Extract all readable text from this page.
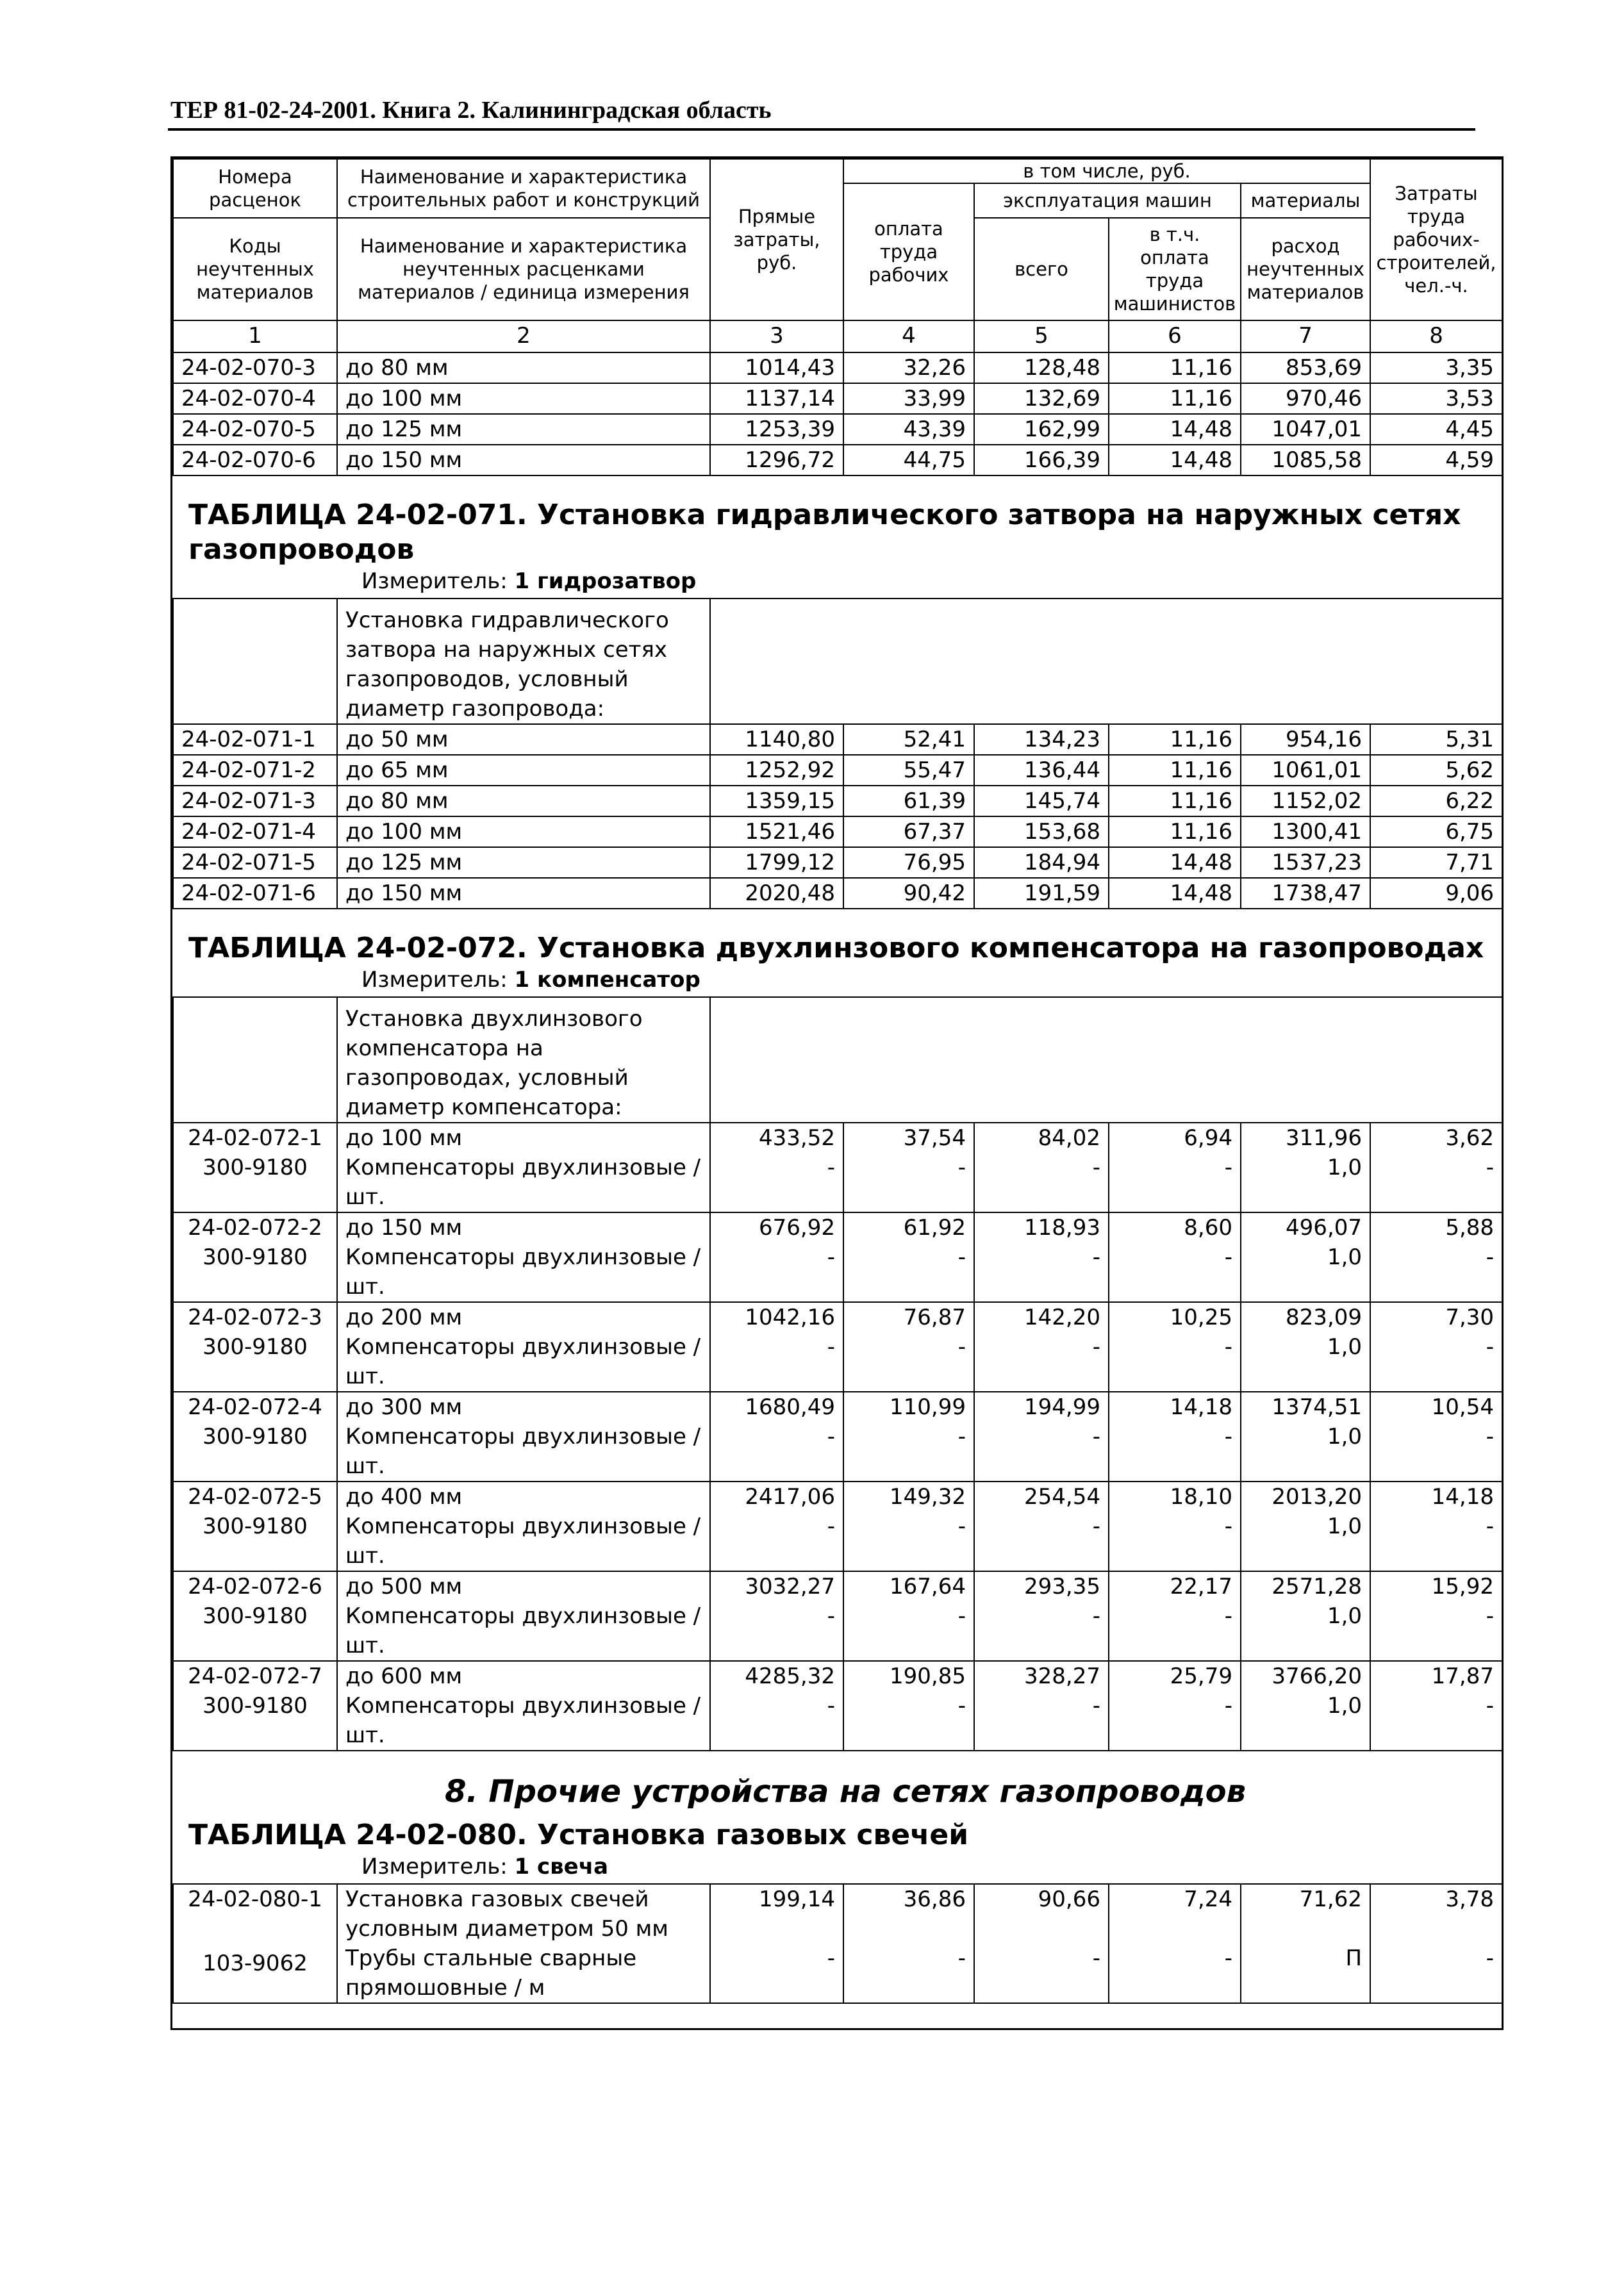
ТЕР 81-02-24-2001. Книга 2. Калининградская область
Номера расценок	Наименование и характеристика строительных работ и конструкций	Прямые затраты, руб.	в том числе, руб.				Затраты труда рабочих-строителей, чел.-ч.
			оплата труда рабочих	эксплуатация машин		материалы	
Коды неучтенных материалов	Наименование и характеристика неучтенных расценками материалов / единица измерения			всего	в т.ч. оплата труда машинистов	расход неучтенных материалов	

1	2	3	4	5	6	7	8
24-02-070-3	до 80 мм	1014,43	32,26	128,48	11,16	853,69	3,35
24-02-070-4	до 100 мм	1137,14	33,99	132,69	11,16	970,46	3,53
24-02-070-5	до 125 мм	1253,39	43,39	162,99	14,48	1047,01	4,45
24-02-070-6	до 150 мм	1296,72	44,75	166,39	14,48	1085,58	4,59

ТАБЛИЦА 24-02-071. Установка гидравлического затвора на наружных сетях
газопроводов
Измеритель: 1 гидрозатвор							

	Установка гидравлического затвора на наружных сетях газопроводов, условный диаметр газопровода:						
24-02-071-1	до 50 мм	1140,80	52,41	134,23	11,16	954,16	5,31
24-02-071-2	до 65 мм	1252,92	55,47	136,44	11,16	1061,01	5,62
24-02-071-3	до 80 мм	1359,15	61,39	145,74	11,16	1152,02	6,22
24-02-071-4	до 100 мм	1521,46	67,37	153,68	11,16	1300,41	6,75
24-02-071-5	до 125 мм	1799,12	76,95	184,94	14,48	1537,23	7,71
24-02-071-6	до 150 мм	2020,48	90,42	191,59	14,48	1738,47	9,06

ТАБЛИЦА 24-02-072. Установка двухлинзового компенсатора на газопроводах
Измеритель: 1 компенсатор							

	Установка двухлинзового компенсатора на газопроводах, условный диаметр компенсатора:						
24-02-072-1	до 100 мм	433,52	37,54	84,02	6,94	311,96	3,62
300-9180	Компенсаторы двухлинзовые / шт.	-	-	-	-	1,0	-
24-02-072-2	до 150 мм	676,92	61,92	118,93	8,60	496,07	5,88
300-9180	Компенсаторы двухлинзовые / шт.	-	-	-	-	1,0	-
24-02-072-3	до 200 мм	1042,16	76,87	142,20	10,25	823,09	7,30
300-9180	Компенсаторы двухлинзовые / шт.	-	-	-	-	1,0	-
24-02-072-4	до 300 мм	1680,49	110,99	194,99	14,18	1374,51	10,54
300-9180	Компенсаторы двухлинзовые / шт.	-	-	-	-	1,0	-
24-02-072-5	до 400 мм	2417,06	149,32	254,54	18,10	2013,20	14,18
300-9180	Компенсаторы двухлинзовые / шт.	-	-	-	-	1,0	-
24-02-072-6	до 500 мм	3032,27	167,64	293,35	22,17	2571,28	15,92
300-9180	Компенсаторы двухлинзовые / шт.	-	-	-	-	1,0	-
24-02-072-7	до 600 мм	4285,32	190,85	328,27	25,79	3766,20	17,87
300-9180	Компенсаторы двухлинзовые / шт.	-	-	-	-	1,0	-

8. Прочие устройства на сетях газопроводов
ТАБЛИЦА 24-02-080. Установка газовых свечей
Измеритель: 1 свеча							

24-02-080-1	Установка газовых свечей условным диаметром 50 мм	199,14	36,86	90,66	7,24	71,62	3,78
103-9062	Трубы стальные сварные прямошовные / м	-	-	-	-	П	-
